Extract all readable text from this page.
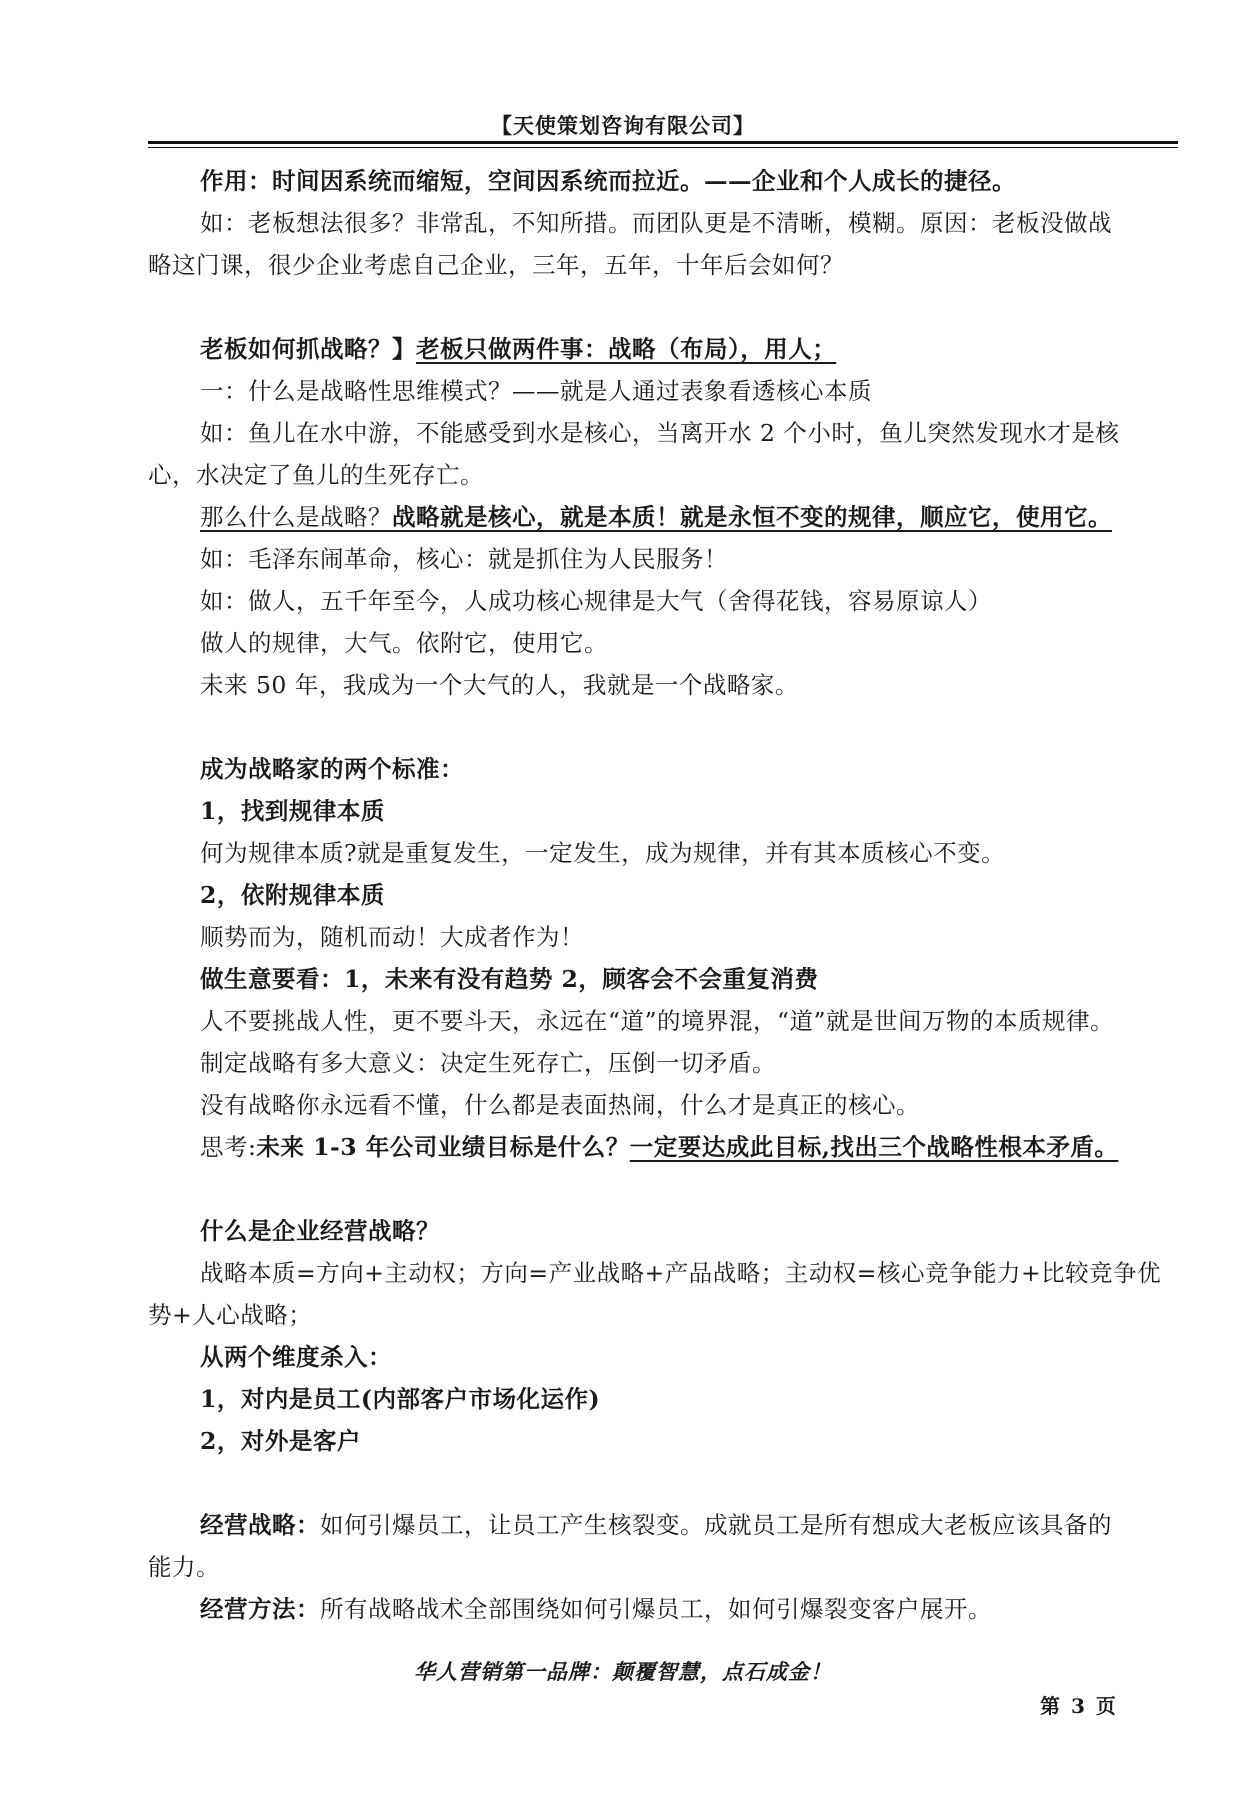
【天使策划咨询有限公司】

作用：时间因系统而缩短，空间因系统而拉近。——企业和个人成长的捷径。

如：老板想法很多？非常乱，不知所措。而团队更是不清晰，模糊。原因：老板没做战

略这门课，很少企业考虑自己企业，三年，五年，十年后会如何？

老板如何抓战略？】老板只做两件事：战略（布局），用人；

一：什么是战略性思维模式？——就是人通过表象看透核心本质

如：鱼儿在水中游，不能感受到水是核心，当离开水 2 个小时，鱼儿突然发现水才是核

心，水决定了鱼儿的生死存亡。

那么什么是战略？战略就是核心，就是本质！就是永恒不变的规律，顺应它，使用它。

如：毛泽东闹革命，核心：就是抓住为人民服务！

如：做人，五千年至今，人成功核心规律是大气（舍得花钱，容易原谅人）

做人的规律，大气。依附它，使用它。

未来 50 年，我成为一个大气的人，我就是一个战略家。

成为战略家的两个标准：

1，找到规律本质

何为规律本质?就是重复发生，一定发生，成为规律，并有其本质核心不变。

2，依附规律本质

顺势而为，随机而动！大成者作为！

做生意要看：1，未来有没有趋势 2，顾客会不会重复消费

人不要挑战人性，更不要斗天，永远在“道”的境界混，“道”就是世间万物的本质规律。

制定战略有多大意义：决定生死存亡，压倒一切矛盾。

没有战略你永远看不懂，什么都是表面热闹，什么才是真正的核心。

思考:未来 1-3 年公司业绩目标是什么？一定要达成此目标,找出三个战略性根本矛盾。

什么是企业经营战略？

战略本质=方向+主动权；方向=产业战略+产品战略；主动权=核心竞争能力+比较竞争优

势+人心战略；

从两个维度杀入：

1，对内是员工(内部客户市场化运作)

2，对外是客户

经营战略：如何引爆员工，让员工产生核裂变。成就员工是所有想成大老板应该具备的

能力。

经营方法：所有战略战术全部围绕如何引爆员工，如何引爆裂变客户展开。

华人营销第一品牌：颠覆智慧，点石成金！
第 3 页
